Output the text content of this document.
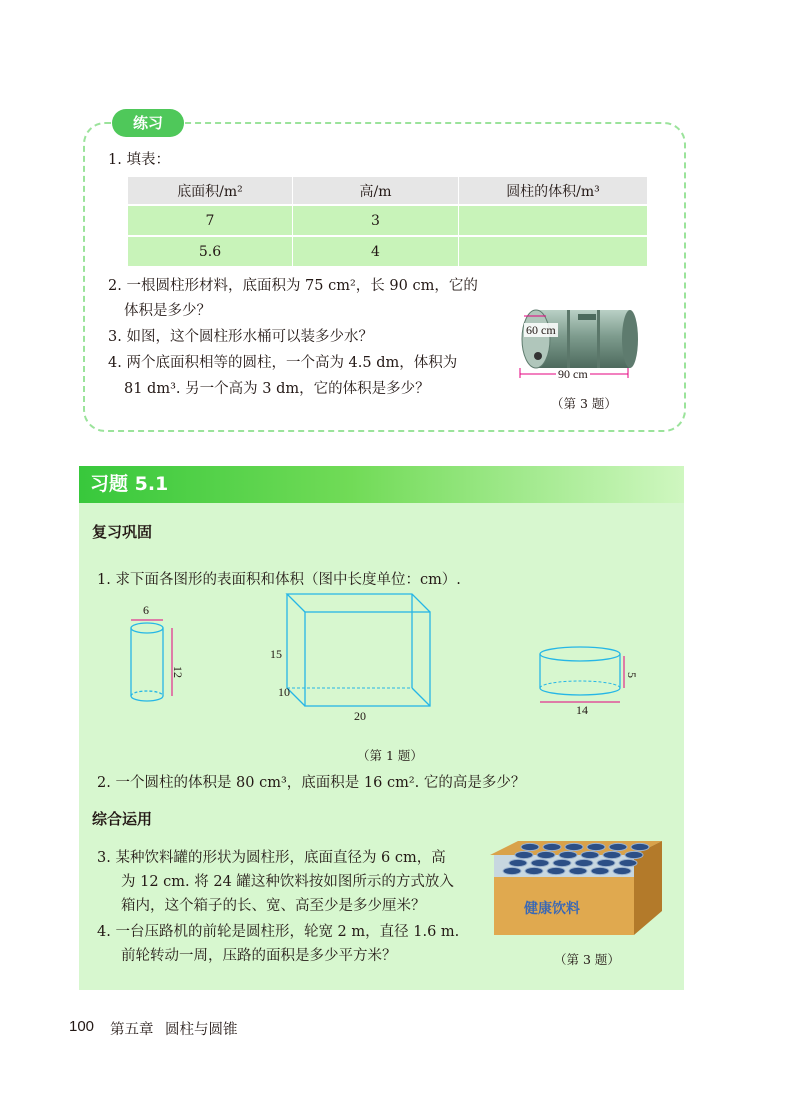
练习
1. 填表：
底面积/m²	高/m	圆柱的体积/m³
7	3	
5.6	4	
2. 一根圆柱形材料，底面积为 75 cm²，长 90 cm，它的
体积是多少？
3. 如图，这个圆柱形水桶可以装多少水？
4. 两个底面积相等的圆柱，一个高为 4.5 dm，体积为
81 dm³. 另一个高为 3 dm，它的体积是多少？
60 cm
90 cm
（第 3 题）
习题 5.1
复习巩固
1. 求下面各图形的表面积和体积（图中长度单位：cm）.
6
12
15
10
20
5
14
（第 1 题）
2. 一个圆柱的体积是 80 cm³，底面积是 16 cm². 它的高是多少？
综合运用
3. 某种饮料罐的形状为圆柱形，底面直径为 6 cm，高
为 12 cm. 将 24 罐这种饮料按如图所示的方式放入
箱内，这个箱子的长、宽、高至少是多少厘米？
4. 一台压路机的前轮是圆柱形，轮宽 2 m，直径 1.6 m.
前轮转动一周，压路的面积是多少平方米？
健康饮料
（第 3 题）
100 第五章 圆柱与圆锥
